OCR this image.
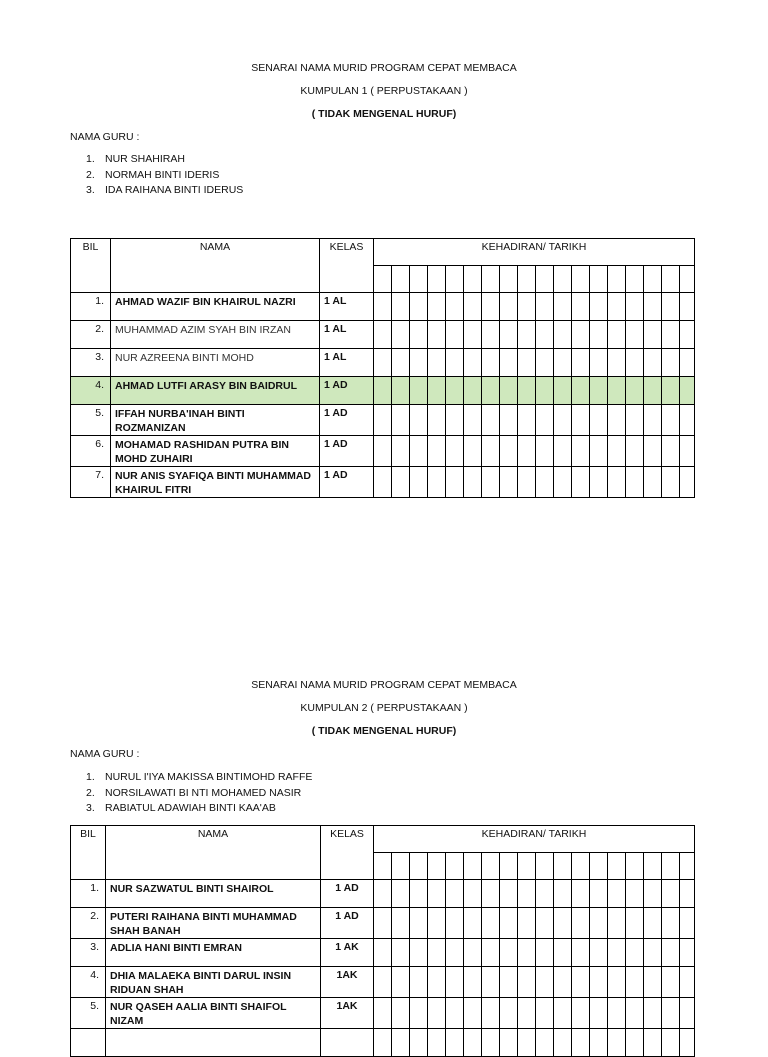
SENARAI NAMA MURID PROGRAM CEPAT MEMBACA
KUMPULAN 1 ( PERPUSTAKAAN )
( TIDAK MENGENAL HURUF)
NAMA GURU :
1. NUR SHAHIRAH
2. NORMAH BINTI IDERIS
3. IDA RAIHANA BINTI IDERUS
BIL	NAMA	KELAS	KEHADIRAN/ TARIKH																	

1.	AHMAD WAZIF BIN KHAIRUL NAZRI	1 AL																		
2.	MUHAMMAD AZIM SYAH BIN IRZAN	1 AL																		
3.	NUR AZREENA BINTI MOHD	1 AL																		
4.	AHMAD LUTFI ARASY BIN BAIDRUL	1 AD																		
5.	IFFAH NURBA'INAH BINTI ROZMANIZAN	1 AD																		
6.	MOHAMAD RASHIDAN PUTRA BIN MOHD ZUHAIRI	1 AD																		
7.	NUR ANIS SYAFIQA BINTI MUHAMMAD KHAIRUL FITRI	1 AD																		
SENARAI NAMA MURID PROGRAM CEPAT MEMBACA
KUMPULAN 2 ( PERPUSTAKAAN )
( TIDAK MENGENAL HURUF)
NAMA GURU :
1. NURUL I'IYA MAKISSA BINTIMOHD RAFFE
2. NORSILAWATI BI NTI MOHAMED NASIR
3. RABIATUL ADAWIAH BINTI KAA'AB
BIL	NAMA	KELAS	KEHADIRAN/ TARIKH																	

1.	NUR SAZWATUL BINTI SHAIROL	1 AD																		
2.	PUTERI RAIHANA BINTI MUHAMMAD SHAH BANAH	1 AD																		
3.	ADLIA HANI BINTI EMRAN	1 AK																		
4.	DHIA MALAEKA BINTI DARUL INSIN RIDUAN SHAH	1AK																		
5.	NUR QASEH AALIA BINTI SHAIFOL NIZAM	1AK																		
